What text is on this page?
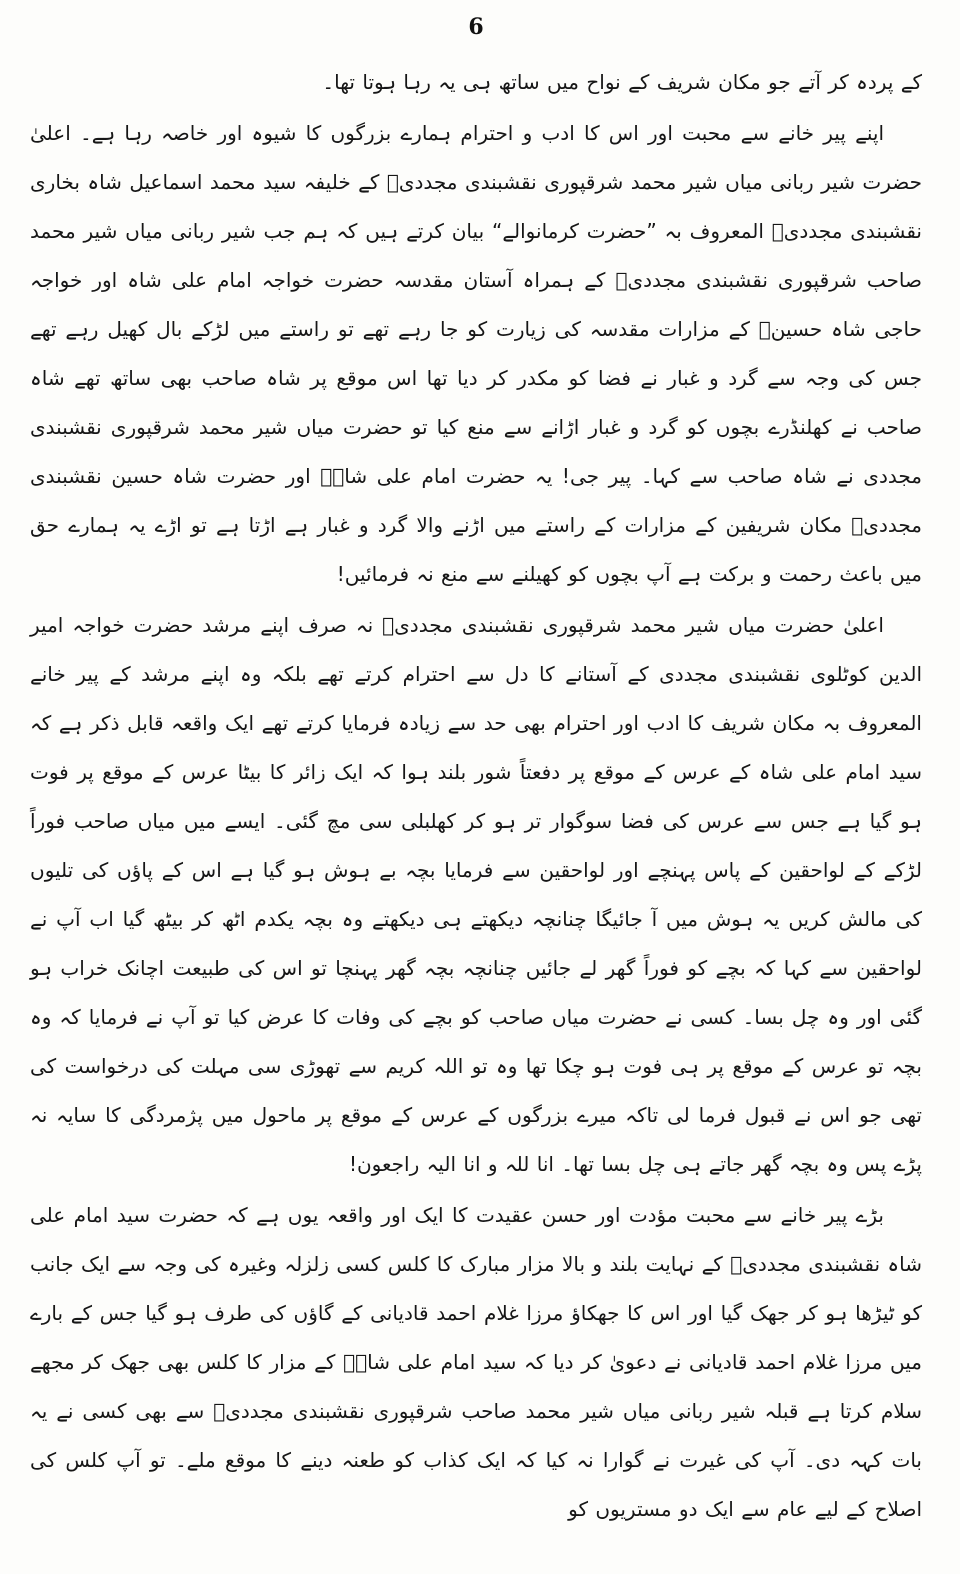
6

کے پردہ کر آتے جو مکان شریف کے نواح میں ساتھ ہی یہ رہا ہوتا تھا۔

اپنے پیر خانے سے محبت اور اس کا ادب و احترام ہمارے بزرگوں کا شیوہ اور خاصہ رہا ہے۔ اعلیٰ حضرت شیر ربانی میاں شیر محمد شرقپوری نقشبندی مجددیؒ کے خلیفہ سید محمد اسماعیل شاہ بخاری نقشبندی مجددیؒ المعروف بہ ”حضرت کرمانوالے“ بیان کرتے ہیں کہ ہم جب شیر ربانی میاں شیر محمد صاحب شرقپوری نقشبندی مجددیؒ کے ہمراہ آستان مقدسہ حضرت خواجہ امام علی شاہ اور خواجہ حاجی شاہ حسینؒ کے مزارات مقدسہ کی زیارت کو جا رہے تھے تو راستے میں لڑکے بال کھیل رہے تھے جس کی وجہ سے گرد و غبار نے فضا کو مکدر کر دیا تھا اس موقع پر شاہ صاحب بھی ساتھ تھے شاہ صاحب نے کھلنڈرے بچوں کو گرد و غبار اڑانے سے منع کیا تو حضرت میاں شیر محمد شرقپوری نقشبندی مجددی نے شاہ صاحب سے کہا۔ پیر جی! یہ حضرت امام علی شاہؒ اور حضرت شاہ حسین نقشبندی مجددیؒ مکان شریفین کے مزارات کے راستے میں اڑنے والا گرد و غبار ہے اڑتا ہے تو اڑے یہ ہمارے حق میں باعث رحمت و برکت ہے آپ بچوں کو کھیلنے سے منع نہ فرمائیں!

اعلیٰ حضرت میاں شیر محمد شرقپوری نقشبندی مجددیؒ نہ صرف اپنے مرشد حضرت خواجہ امیر الدین کوٹلوی نقشبندی مجددی کے آستانے کا دل سے احترام کرتے تھے بلکہ وہ اپنے مرشد کے پیر خانے المعروف بہ مکان شریف کا ادب اور احترام بھی حد سے زیادہ فرمایا کرتے تھے ایک واقعہ قابل ذکر ہے کہ سید امام علی شاہ کے عرس کے موقع پر دفعتاً شور بلند ہوا کہ ایک زائر کا بیٹا عرس کے موقع پر فوت ہو گیا ہے جس سے عرس کی فضا سوگوار تر ہو کر کھلبلی سی مچ گئی۔ ایسے میں میاں صاحب فوراً لڑکے کے لواحقین کے پاس پہنچے اور لواحقین سے فرمایا بچہ بے ہوش ہو گیا ہے اس کے پاؤں کی تلیوں کی مالش کریں یہ ہوش میں آ جائیگا چنانچہ دیکھتے ہی دیکھتے وہ بچہ یکدم اٹھ کر بیٹھ گیا اب آپ نے لواحقین سے کہا کہ بچے کو فوراً گھر لے جائیں چنانچہ بچہ گھر پہنچا تو اس کی طبیعت اچانک خراب ہو گئی اور وہ چل بسا۔ کسی نے حضرت میاں صاحب کو بچے کی وفات کا عرض کیا تو آپ نے فرمایا کہ وہ بچہ تو عرس کے موقع پر ہی فوت ہو چکا تھا وہ تو اللہ کریم سے تھوڑی سی مہلت کی درخواست کی تھی جو اس نے قبول فرما لی تاکہ میرے بزرگوں کے عرس کے موقع پر ماحول میں پژمردگی کا سایہ نہ پڑے پس وہ بچہ گھر جاتے ہی چل بسا تھا۔ انا للہ و انا الیہ راجعون!

بڑے پیر خانے سے محبت مؤدت اور حسن عقیدت کا ایک اور واقعہ یوں ہے کہ حضرت سید امام علی شاہ نقشبندی مجددیؒ کے نہایت بلند و بالا مزار مبارک کا کلس کسی زلزلہ وغیرہ کی وجہ سے ایک جانب کو ٹیڑھا ہو کر جھک گیا اور اس کا جھکاؤ مرزا غلام احمد قادیانی کے گاؤں کی طرف ہو گیا جس کے بارے میں مرزا غلام احمد قادیانی نے دعویٰ کر دیا کہ سید امام علی شاہؒ کے مزار کا کلس بھی جھک کر مجھے سلام کرتا ہے قبلہ شیر ربانی میاں شیر محمد صاحب شرقپوری نقشبندی مجددیؒ سے بھی کسی نے یہ بات کہہ دی۔ آپ کی غیرت نے گوارا نہ کیا کہ ایک کذاب کو طعنہ دینے کا موقع ملے۔ تو آپ کلس کی اصلاح کے لیے عام سے ایک دو مستریوں کو
